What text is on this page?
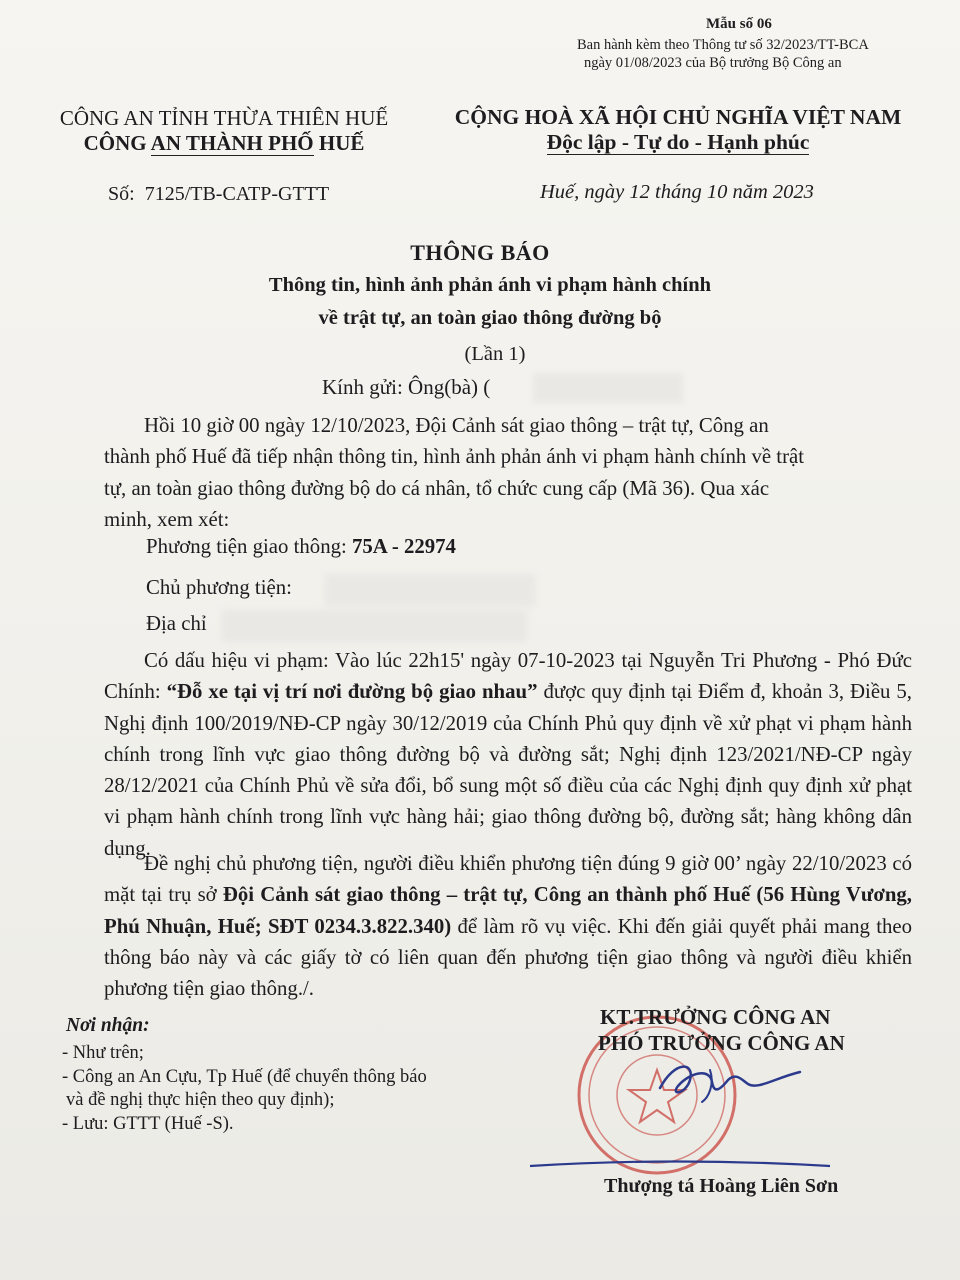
Mẫu số 06
Ban hành kèm theo Thông tư số 32/2023/TT-BCA
ngày 01/08/2023 của Bộ trưởng Bộ Công an
CÔNG AN TỈNH THỪA THIÊN HUẾ
CÔNG AN THÀNH PHỐ HUẾ
CỘNG HOÀ XÃ HỘI CHỦ NGHĨA VIỆT NAM
Độc lập - Tự do - Hạnh phúc
Số: 7125/TB-CATP-GTTT	Huế, ngày 12 tháng 10 năm 2023
THÔNG BÁO
Thông tin, hình ảnh phản ánh vi phạm hành chính
về trật tự, an toàn giao thông đường bộ
(Lần 1)
Kính gửi: Ông(bà) (
Hồi 10 giờ 00 ngày 12/10/2023, Đội Cảnh sát giao thông – trật tự, Công an
thành phố Huế đã tiếp nhận thông tin, hình ảnh phản ánh vi phạm hành chính về trật
tự, an toàn giao thông đường bộ do cá nhân, tổ chức cung cấp (Mã 36). Qua xác
minh, xem xét:
Phương tiện giao thông: 75A - 22974
Chủ phương tiện:
Địa chỉ
Có dấu hiệu vi phạm: Vào lúc 22h15' ngày 07-10-2023 tại Nguyễn Tri Phương - Phó Đức Chính: “Đỗ xe tại vị trí nơi đường bộ giao nhau” được quy định tại Điểm đ, khoản 3, Điều 5, Nghị định 100/2019/NĐ-CP ngày 30/12/2019 của Chính Phủ quy định về xử phạt vi phạm hành chính trong lĩnh vực giao thông đường bộ và đường sắt; Nghị định 123/2021/NĐ-CP ngày 28/12/2021 của Chính Phủ về sửa đổi, bổ sung một số điều của các Nghị định quy định xử phạt vi phạm hành chính trong lĩnh vực hàng hải; giao thông đường bộ, đường sắt; hàng không dân dụng.
Đề nghị chủ phương tiện, người điều khiển phương tiện đúng 9 giờ 00’ ngày 22/10/2023 có mặt tại trụ sở Đội Cảnh sát giao thông – trật tự, Công an thành phố Huế (56 Hùng Vương, Phú Nhuận, Huế; SĐT 0234.3.822.340) để làm rõ vụ việc. Khi đến giải quyết phải mang theo thông báo này và các giấy tờ có liên quan đến phương tiện giao thông và người điều khiển phương tiện giao thông./.
Nơi nhận:
- Như trên;
- Công an An Cựu, Tp Huế (để chuyển thông báo
và đề nghị thực hiện theo quy định);
- Lưu: GTTT (Huế -S).
KT.TRƯỞNG CÔNG AN
PHÓ TRƯỞNG CÔNG AN
Thượng tá Hoàng Liên Sơn
